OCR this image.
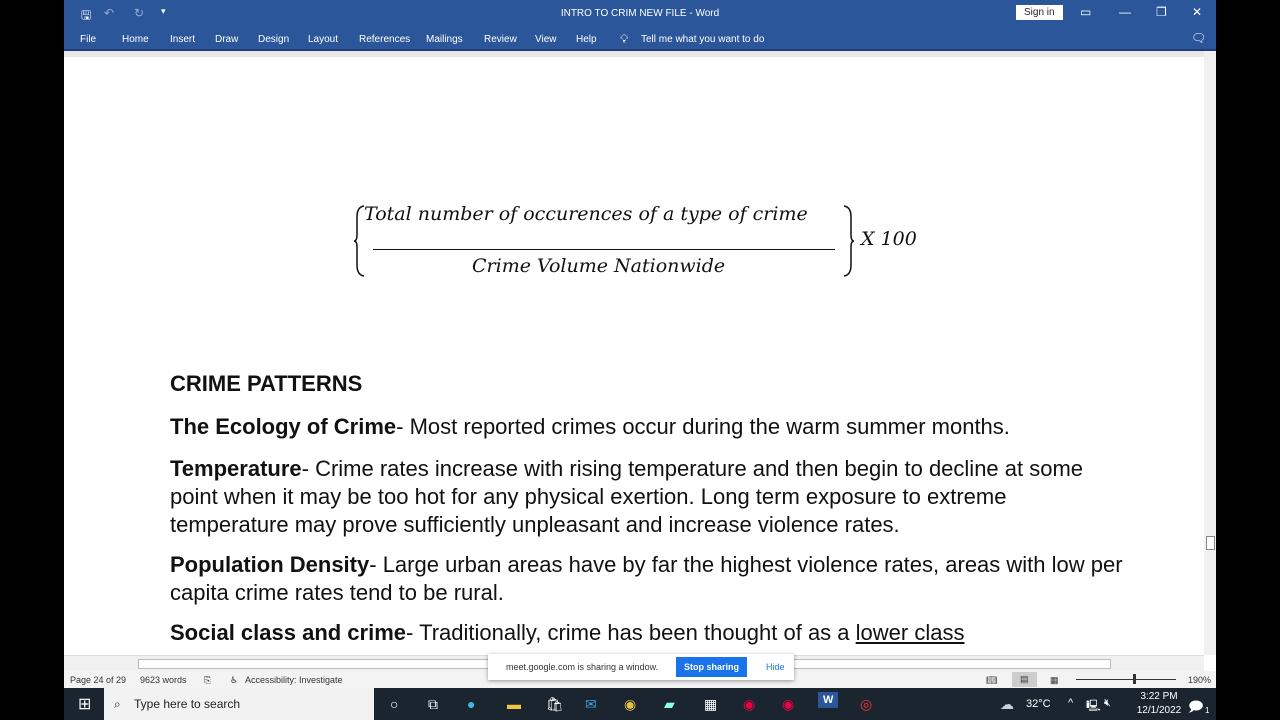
🖫 ↶ ↻ ▾	INTRO TO CRIM NEW FILE - Word	Sign in	▭ — ❐ ✕
File	Home Insert Draw Design Layout References Mailings Review View Help 💡︎ Tell me what you want to do	🗨
Total number of occurences of a type of crime
Crime Volume Nationwide
X 100
CRIME PATTERNS
The Ecology of Crime- Most reported crimes occur during the warm summer months.
Temperature- Crime rates increase with rising temperature and then begin to decline at some point when it may be too hot for any physical exertion. Long term exposure to extreme temperature may prove sufficiently unpleasant and increase violence rates.
Population Density- Large urban areas have by far the highest violence rates, areas with low per capita crime rates tend to be rural.
Social class and crime- Traditionally, crime has been thought of as a lower class
Page 24 of 29 9623 words ⎘ ♿︎ Accessibility: Investigate	📖︎	▤	▦	190%
meet.google.com is sharing a window.	Stop sharing	Hide
⊞ ⌕ Type here to search	○ ⧉ ● ▬ 🛍︎ ✉ ◉ ▰ ▦ ◉ ◉	W	◎	☁ 32°C ^ 🖳 🔇︎
3:22 PM
12/1/2022 🗩 1
